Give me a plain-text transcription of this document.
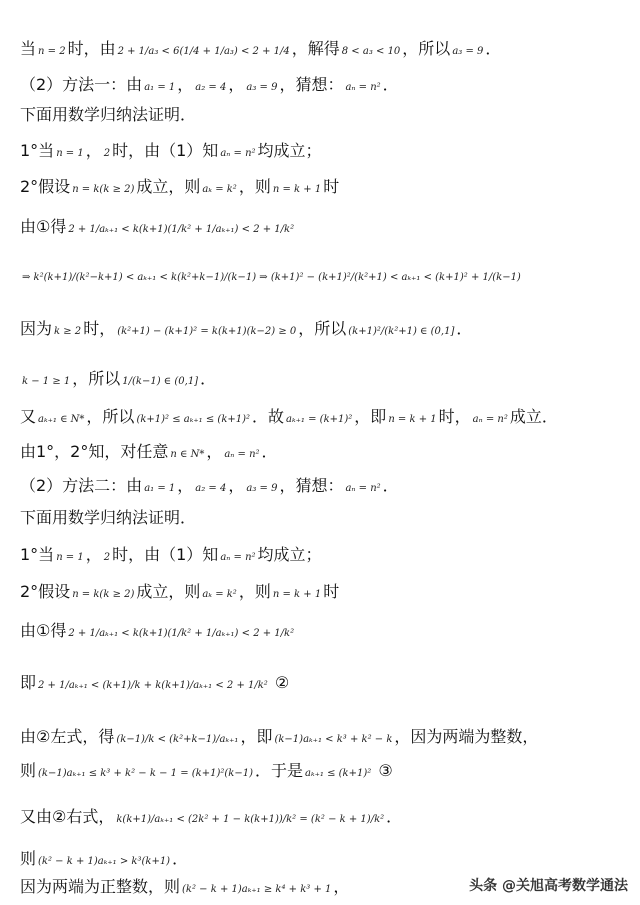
当n = 2 时，由 2 + 1/a₃ < 6(1/4 + 1/a₃) < 2 + 1/4 ，解得 8 < a₃ < 10 ，所以 a₃ = 9 ．
（2）方法一：由 a₁ = 1 ， a₂ = 4 ， a₃ = 9 ，猜想： aₙ = n² ．
下面用数学归纳法证明．
1°当 n = 1 ， 2 时，由（1）知 aₙ = n² 均成立；
2°假设 n = k(k ≥ 2) 成立，则 aₖ = k² ，则 n = k + 1 时
由①得 2 + 1/aₖ₊₁ < k(k+1)(1/k² + 1/aₖ₊₁) < 2 + 1/k²
⇒ k²(k+1)/(k²−k+1) < aₖ₊₁ < k(k²+k−1)/(k−1) ⇒ (k+1)² − (k+1)²/(k²+1) < aₖ₊₁ < (k+1)² + 1/(k−1)
因为 k ≥ 2 时， (k²+1) − (k+1)² = k(k+1)(k−2) ≥ 0 ，所以 (k+1)²/(k²+1) ∈ (0,1] ．
k − 1 ≥ 1 ，所以 1/(k−1) ∈ (0,1] ．
又aₖ₊₁ ∈ N* ，所以 (k+1)² ≤ aₖ₊₁ ≤ (k+1)² ．故 aₖ₊₁ = (k+1)² ，即 n = k + 1 时， aₙ = n² 成立．
由1°，2°知，对任意 n ∈ N* ， aₙ = n² ．
（2）方法二：由 a₁ = 1 ， a₂ = 4 ， a₃ = 9 ，猜想： aₙ = n² ．
下面用数学归纳法证明．
1°当 n = 1 ， 2 时，由（1）知 aₙ = n² 均成立；
2°假设 n = k(k ≥ 2) 成立，则 aₖ = k² ，则 n = k + 1 时
由①得 2 + 1/aₖ₊₁ < k(k+1)(1/k² + 1/aₖ₊₁) < 2 + 1/k²
即 2 + 1/aₖ₊₁ < (k+1)/k + k(k+1)/aₖ₊₁ < 2 + 1/k² ②
由②左式，得 (k−1)/k < (k²+k−1)/aₖ₊₁ ，即 (k−1)aₖ₊₁ < k³ + k² − k ，因为两端为整数，
则 (k−1)aₖ₊₁ ≤ k³ + k² − k − 1 = (k+1)²(k−1) ．于是 aₖ₊₁ ≤ (k+1)² ③
又由②右式， k(k+1)/aₖ₊₁ < (2k² + 1 − k(k+1))/k² = (k² − k + 1)/k² ．
则 (k² − k + 1)aₖ₊₁ > k³(k+1) ．
因为两端为正整数，则 (k² − k + 1)aₖ₊₁ ≥ k⁴ + k³ + 1 ，	头条 @关旭高考数学通法
